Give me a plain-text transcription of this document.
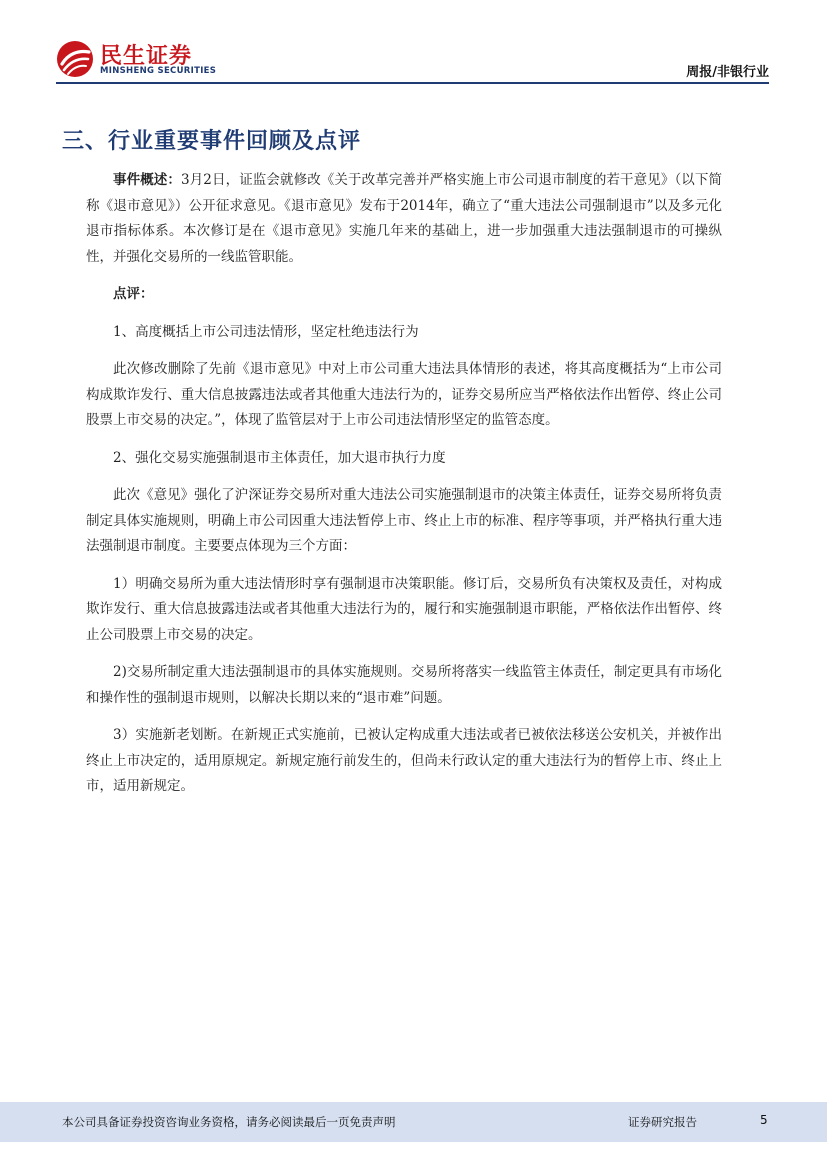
民生证券
MINSHENG SECURITIES	周报/非银行业
三、行业重要事件回顾及点评

事件概述：3月2日，证监会就修改《关于改革完善并严格实施上市公司退市制度的若干意见》（以下简称《退市意见》）公开征求意见。《退市意见》发布于2014年，确立了“重大违法公司强制退市”以及多元化退市指标体系。本次修订是在《退市意见》实施几年来的基础上，进一步加强重大违法强制退市的可操纵性，并强化交易所的一线监管职能。

点评：

1、高度概括上市公司违法情形，坚定杜绝违法行为

此次修改删除了先前《退市意见》中对上市公司重大违法具体情形的表述，将其高度概括为“上市公司构成欺诈发行、重大信息披露违法或者其他重大违法行为的，证券交易所应当严格依法作出暂停、终止公司股票上市交易的决定。”，体现了监管层对于上市公司违法情形坚定的监管态度。

2、强化交易实施强制退市主体责任，加大退市执行力度

此次《意见》强化了沪深证券交易所对重大违法公司实施强制退市的决策主体责任，证券交易所将负责制定具体实施规则，明确上市公司因重大违法暂停上市、终止上市的标准、程序等事项，并严格执行重大违法强制退市制度。主要要点体现为三个方面：

1）明确交易所为重大违法情形时享有强制退市决策职能。修订后，交易所负有决策权及责任，对构成欺诈发行、重大信息披露违法或者其他重大违法行为的，履行和实施强制退市职能，严格依法作出暂停、终止公司股票上市交易的决定。

2)交易所制定重大违法强制退市的具体实施规则。交易所将落实一线监管主体责任，制定更具有市场化和操作性的强制退市规则，以解决长期以来的“退市难”问题。

3）实施新老划断。在新规正式实施前，已被认定构成重大违法或者已被依法移送公安机关，并被作出终止上市决定的，适用原规定。新规定施行前发生的，但尚未行政认定的重大违法行为的暂停上市、终止上市，适用新规定。

本公司具备证券投资咨询业务资格，请务必阅读最后一页免责声明	证券研究报告	5
